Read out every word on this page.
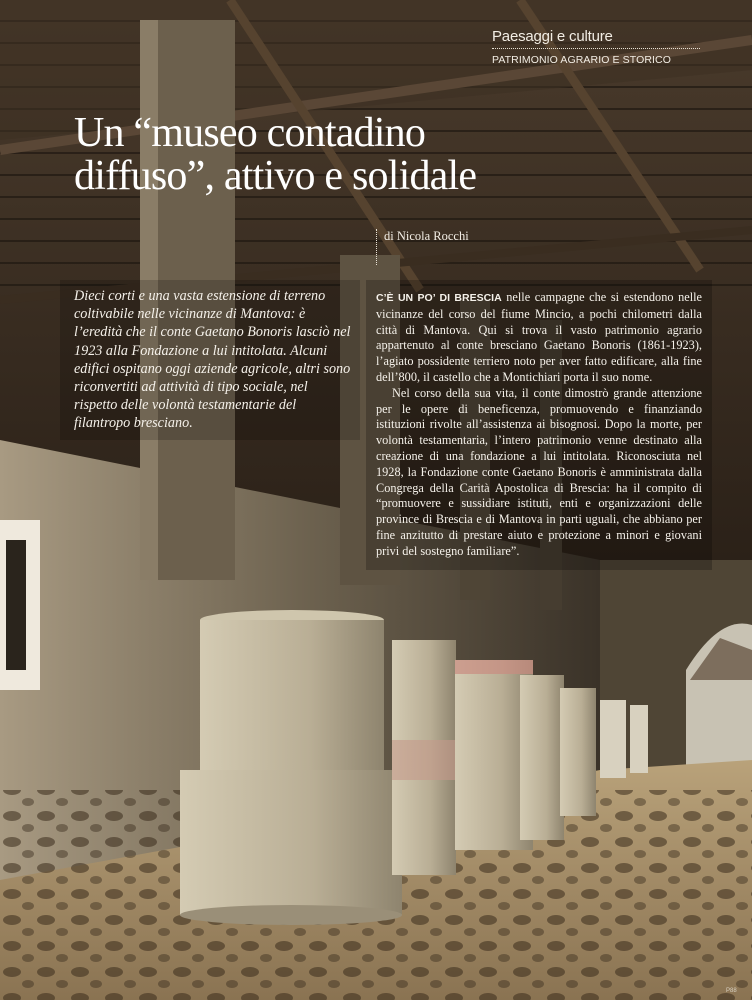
Paesaggi e culture
PATRIMONIO AGRARIO E STORICO
Un “museo contadino diffuso”, attivo e solidale
di Nicola Rocchi
Dieci corti e una vasta estensione di terreno coltivabile nelle vicinanze di Mantova: è l’eredità che il conte Gaetano Bonoris lasciò nel 1923 alla Fondazione a lui intitolata. Alcuni edifici ospitano oggi aziende agricole, altri sono riconvertiti ad attività di tipo sociale, nel rispetto delle volontà testamentarie del filantropo bresciano.

C’È UN PO’ DI BRESCIA nelle campagne che si estendono nelle vicinanze del corso del fiume Mincio, a pochi chilometri dalla città di Mantova. Qui si trova il vasto patrimonio agrario appartenuto al conte bresciano Gaetano Bonoris (1861-1923), l’agiato possidente terriero noto per aver fatto edificare, alla fine dell’800, il castello che a Montichiari porta il suo nome.

Nel corso della sua vita, il conte dimostrò grande attenzione per le opere di beneficenza, promuovendo e finanziando istituzioni rivolte all’assistenza ai bisognosi. Dopo la morte, per volontà testamentaria, l’intero patrimonio venne destinato alla creazione di una fondazione a lui intitolata. Riconosciuta nel 1928, la Fondazione conte Gaetano Bonoris è amministrata dalla Congrega della Carità Apostolica di Brescia: ha il compito di “promuovere e sussidiare istituti, enti e organizzazioni delle province di Brescia e di Mantova in parti uguali, che abbiano per fine anzitutto di prestare aiuto e protezione a minori e giovani privi del sostegno familiare”.

P88
